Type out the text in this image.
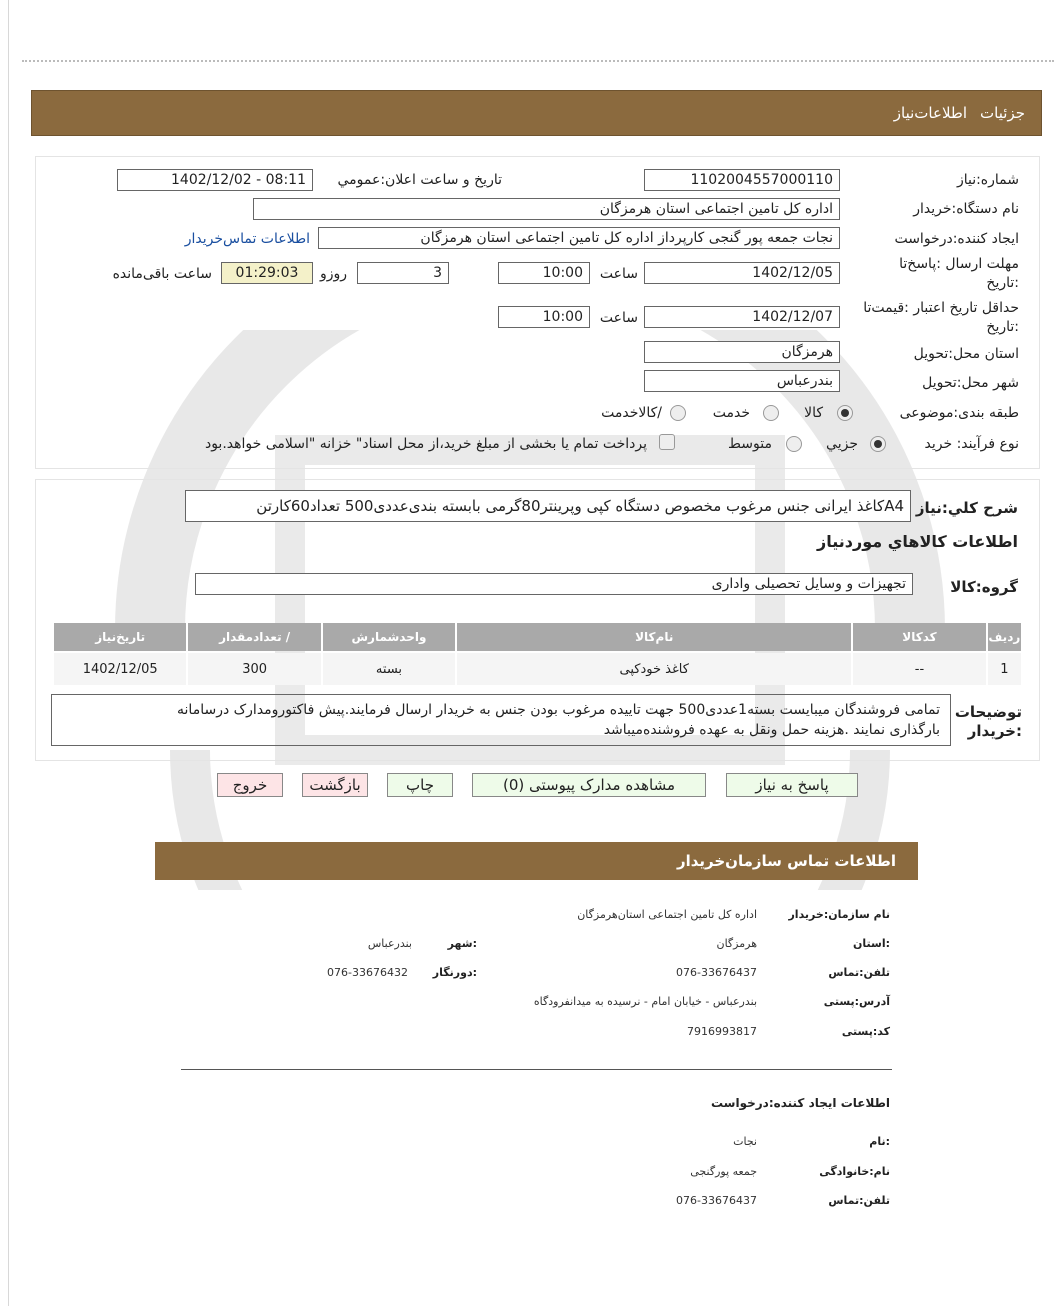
جزئیات
اطلاعات‌نیاز
شماره:نیاز
1102004557000110
تاریخ و ساعت اعلان:عمومي
1402/12/02 - 08:11
نام دستگاه:خریدار
اداره کل تامین اجتماعی استان هرمزگان
ایجاد کننده:درخواست
نجات جمعه پور گنجی کارپرداز اداره کل تامین اجتماعی استان هرمزگان
اطلاعات تماس‌خریدار
مهلت ارسال :پاسخ‌تا
:تاریخ
1402/12/05
ساعت
10:00
3
روزو
01:29:03
ساعت باقی‌مانده
حداقل تاریخ اعتبار :قیمت‌تا
:تاریخ
1402/12/07
ساعت
10:00
استان محل:تحویل
هرمزگان
شهر محل:تحویل
بندرعباس
طبقه بندی:موضوعی
کالا
خدمت
/کالاخدمت
نوع فرآیند: خرید
جزیي
متوسط
پرداخت تمام یا بخشی از مبلغ خرید،از محل اسناد" خزانه "اسلامی خواهد.بود
شرح کلي:نیاز
A4کاغذ ایرانی جنس مرغوب مخصوص دستگاه کپی وپرینتر80گرمی بابسته بندی‌عددی500 تعداد60کارتن
اطلاعات کالاهاي موردنياز
گروه:کالا
تجهیزات و وسایل تحصیلی واداری
ردیف	کدکالا	نام‌کالا	واحدشمارش	/ تعدادمقدار	تاریخ‌نیاز
1	--	کاغذ خودکپی	بسته	300	1402/12/05
توضیحات
:خریدار
تمامی فروشندگان میبایست بسته1عددی500 جهت تاییده مرغوب بودن جنس به خریدار ارسال فرمایند.پیش فاکتورومدارک درسامانه
بارگذاری نمایند .هزینه حمل ونقل به عهده فروشنده‌میباشد
پاسخ به نیاز
مشاهده مدارک پیوستی (0)
چاپ
بازگشت
خروج
اطلاعات تماس سازمان‌خریدار
نام سازمان:خریدار
اداره کل تامین اجتماعی استان‌هرمزگان
:استان
هرمزگان
:شهر
بندرعباس
تلفن:تماس
076-33676437
:دورنگار
076-33676432
آدرس:پستی
بندرعباس - خیابان امام - نرسیده به میدانفرودگاه
کد:پستی
7916993817
اطلاعات ایجاد کننده:درخواست
:نام
نجات
نام:خانوادگی
جمعه پورگنجی
تلفن:تماس
076-33676437
